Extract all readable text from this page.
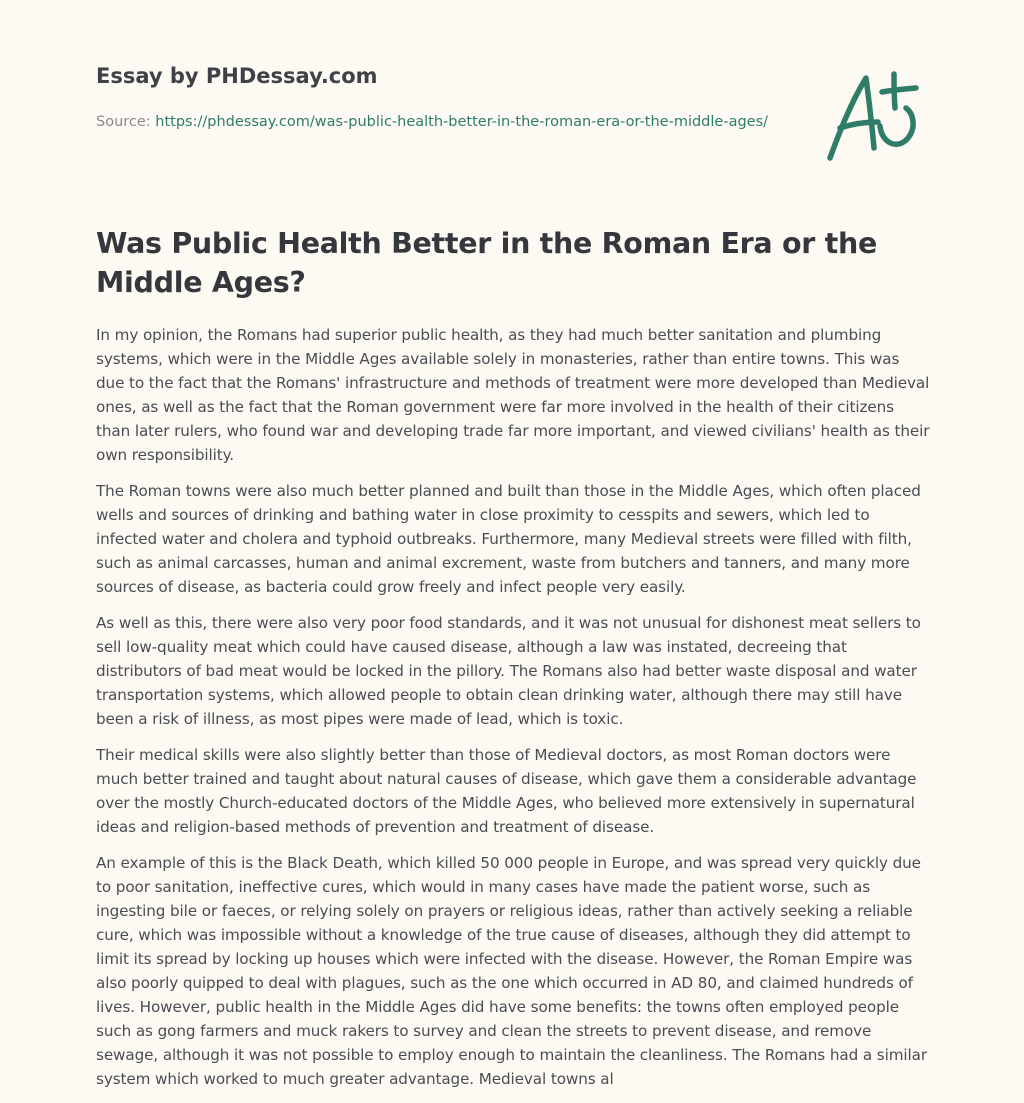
Essay by PHDessay.com

Source: https://phdessay.com/was-public-health-better-in-the-roman-era-or-the-middle-ages/

Was Public Health Better in the Roman Era or the Middle Ages?

In my opinion, the Romans had superior public health, as they had much better sanitation and plumbing systems, which were in the Middle Ages available solely in monasteries, rather than entire towns. This was due to the fact that the Romans' infrastructure and methods of treatment were more developed than Medieval ones, as well as the fact that the Roman government were far more involved in the health of their citizens than later rulers, who found war and developing trade far more important, and viewed civilians' health as their own responsibility.

The Roman towns were also much better planned and built than those in the Middle Ages, which often placed wells and sources of drinking and bathing water in close proximity to cesspits and sewers, which led to infected water and cholera and typhoid outbreaks. Furthermore, many Medieval streets were filled with filth, such as animal carcasses, human and animal excrement, waste from butchers and tanners, and many more sources of disease, as bacteria could grow freely and infect people very easily.

As well as this, there were also very poor food standards, and it was not unusual for dishonest meat sellers to sell low-quality meat which could have caused disease, although a law was instated, decreeing that distributors of bad meat would be locked in the pillory. The Romans also had better waste disposal and water transportation systems, which allowed people to obtain clean drinking water, although there may still have been a risk of illness, as most pipes were made of lead, which is toxic.

Their medical skills were also slightly better than those of Medieval doctors, as most Roman doctors were much better trained and taught about natural causes of disease, which gave them a considerable advantage over the mostly Church-educated doctors of the Middle Ages, who believed more extensively in supernatural ideas and religion-based methods of prevention and treatment of disease.

An example of this is the Black Death, which killed 50 000 people in Europe, and was spread very quickly due to poor sanitation, ineffective cures, which would in many cases have made the patient worse, such as ingesting bile or faeces, or relying solely on prayers or religious ideas, rather than actively seeking a reliable cure, which was impossible without a knowledge of the true cause of diseases, although they did attempt to limit its spread by locking up houses which were infected with the disease. However, the Roman Empire was also poorly quipped to deal with plagues, such as the one which occurred in AD 80, and claimed hundreds of lives. However, public health in the Middle Ages did have some benefits: the towns often employed people such as gong farmers and muck rakers to survey and clean the streets to prevent disease, and remove sewage, although it was not possible to employ enough to maintain the cleanliness. The Romans had a similar system which worked to much greater advantage. Medieval towns al
